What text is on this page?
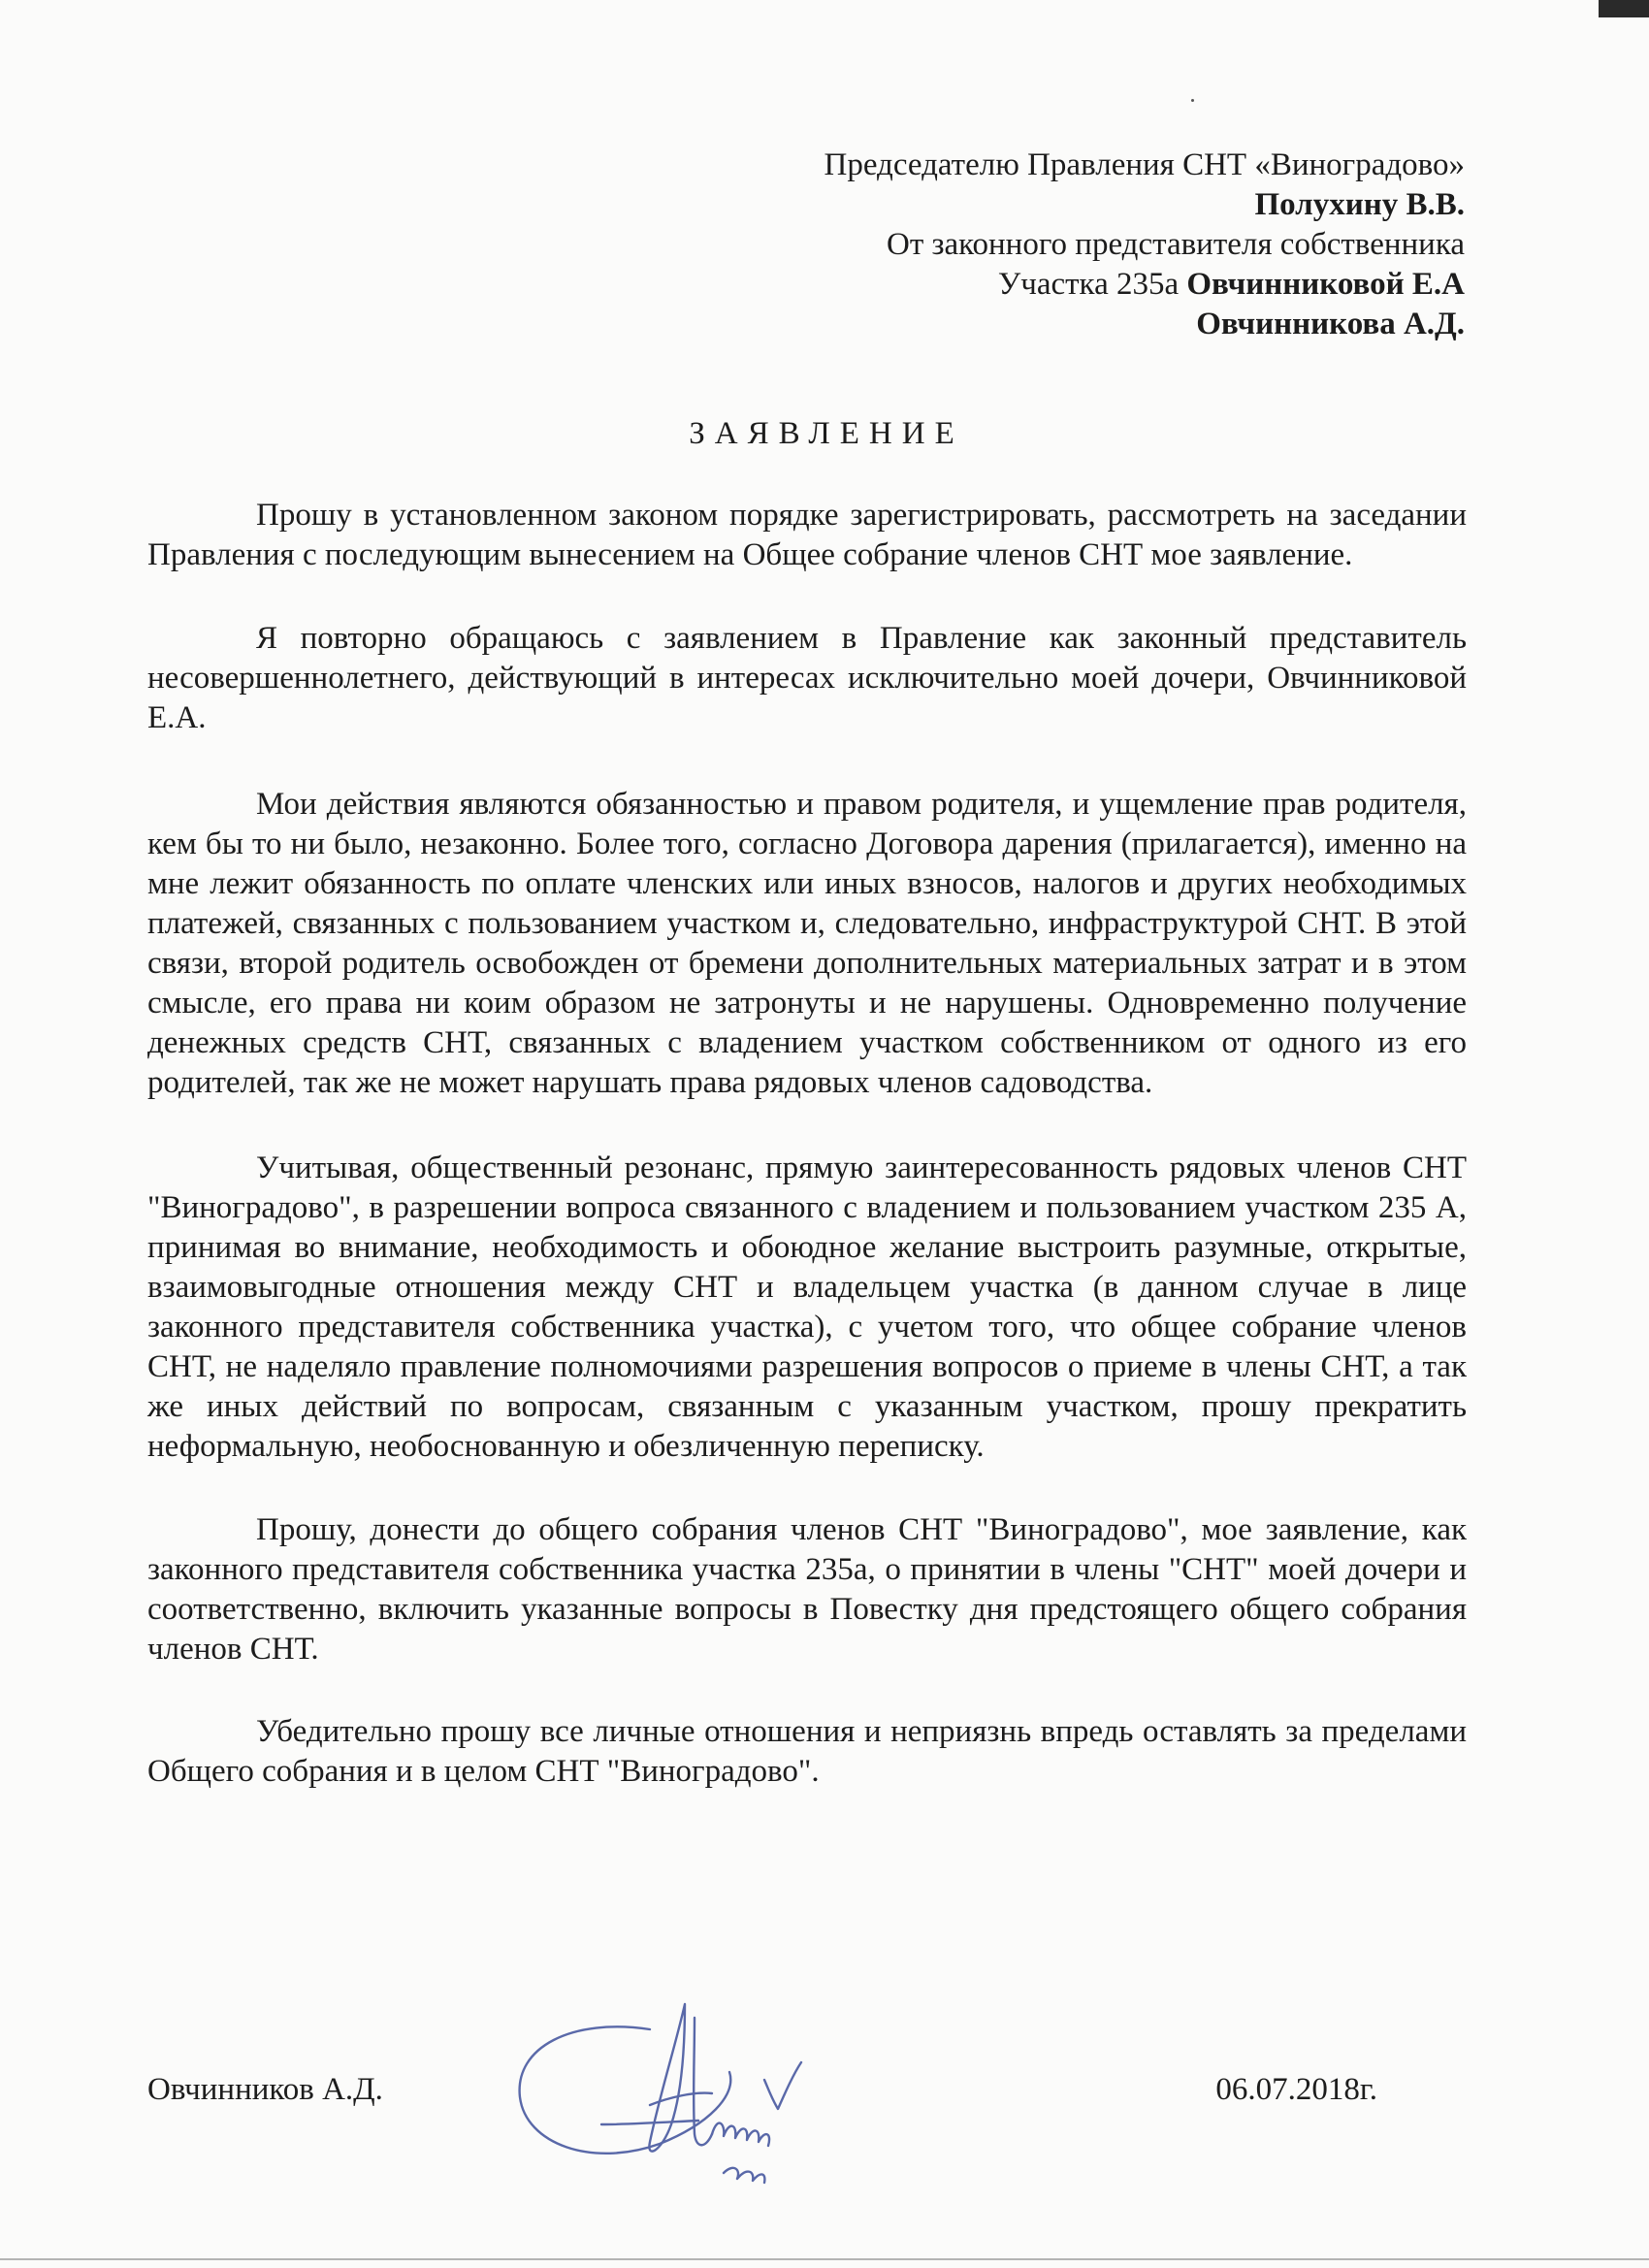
Председателю Правления СНТ «Виноградово»
Полухину В.В.
От законного представителя собственника
Участка 235а Овчинниковой Е.А
Овчинникова А.Д.
ЗАЯВЛЕНИЕ

Прошу в установленном законом порядке зарегистрировать, рассмотреть на заседании Правления с последующим вынесением на Общее собрание членов СНТ мое заявление.

Я повторно обращаюсь с заявлением в Правление как законный представитель несовершеннолетнего, действующий в интересах исключительно моей дочери, Овчинниковой Е.А.

Мои действия являются обязанностью и правом родителя, и ущемление прав родителя, кем бы то ни было, незаконно. Более того, согласно Договора дарения (прилагается), именно на мне лежит обязанность по оплате членских или иных взносов, налогов и других необходимых платежей, связанных с пользованием участком и, следовательно, инфраструктурой СНТ. В этой связи, второй родитель освобожден от бремени дополнительных материальных затрат и в этом смысле, его права ни коим образом не затронуты и не нарушены. Одновременно получение денежных средств СНТ, связанных с владением участком собственником от одного из его родителей, так же не может нарушать права рядовых членов садоводства.

Учитывая, общественный резонанс, прямую заинтересованность рядовых членов СНТ "Виноградово", в разрешении вопроса связанного с владением и пользованием участком 235 А, принимая во внимание, необходимость и обоюдное желание выстроить разумные, открытые, взаимовыгодные отношения между СНТ и владельцем участка (в данном случае в лице законного представителя собственника участка), с учетом того, что общее собрание членов СНТ, не наделяло правление полномочиями разрешения вопросов о приеме в члены СНТ, а так же иных действий по вопросам, связанным с указанным участком, прошу прекратить неформальную, необоснованную и обезличенную переписку.

Прошу, донести до общего собрания членов СНТ "Виноградово", мое заявление, как законного представителя собственника участка 235а, о принятии в члены "СНТ" моей дочери и соответственно, включить указанные вопросы в Повестку дня предстоящего общего собрания членов СНТ.

Убедительно прошу все личные отношения и неприязнь впредь оставлять за пределами Общего собрания и в целом СНТ "Виноградово".

Овчинников А.Д.	06.07.2018г.
